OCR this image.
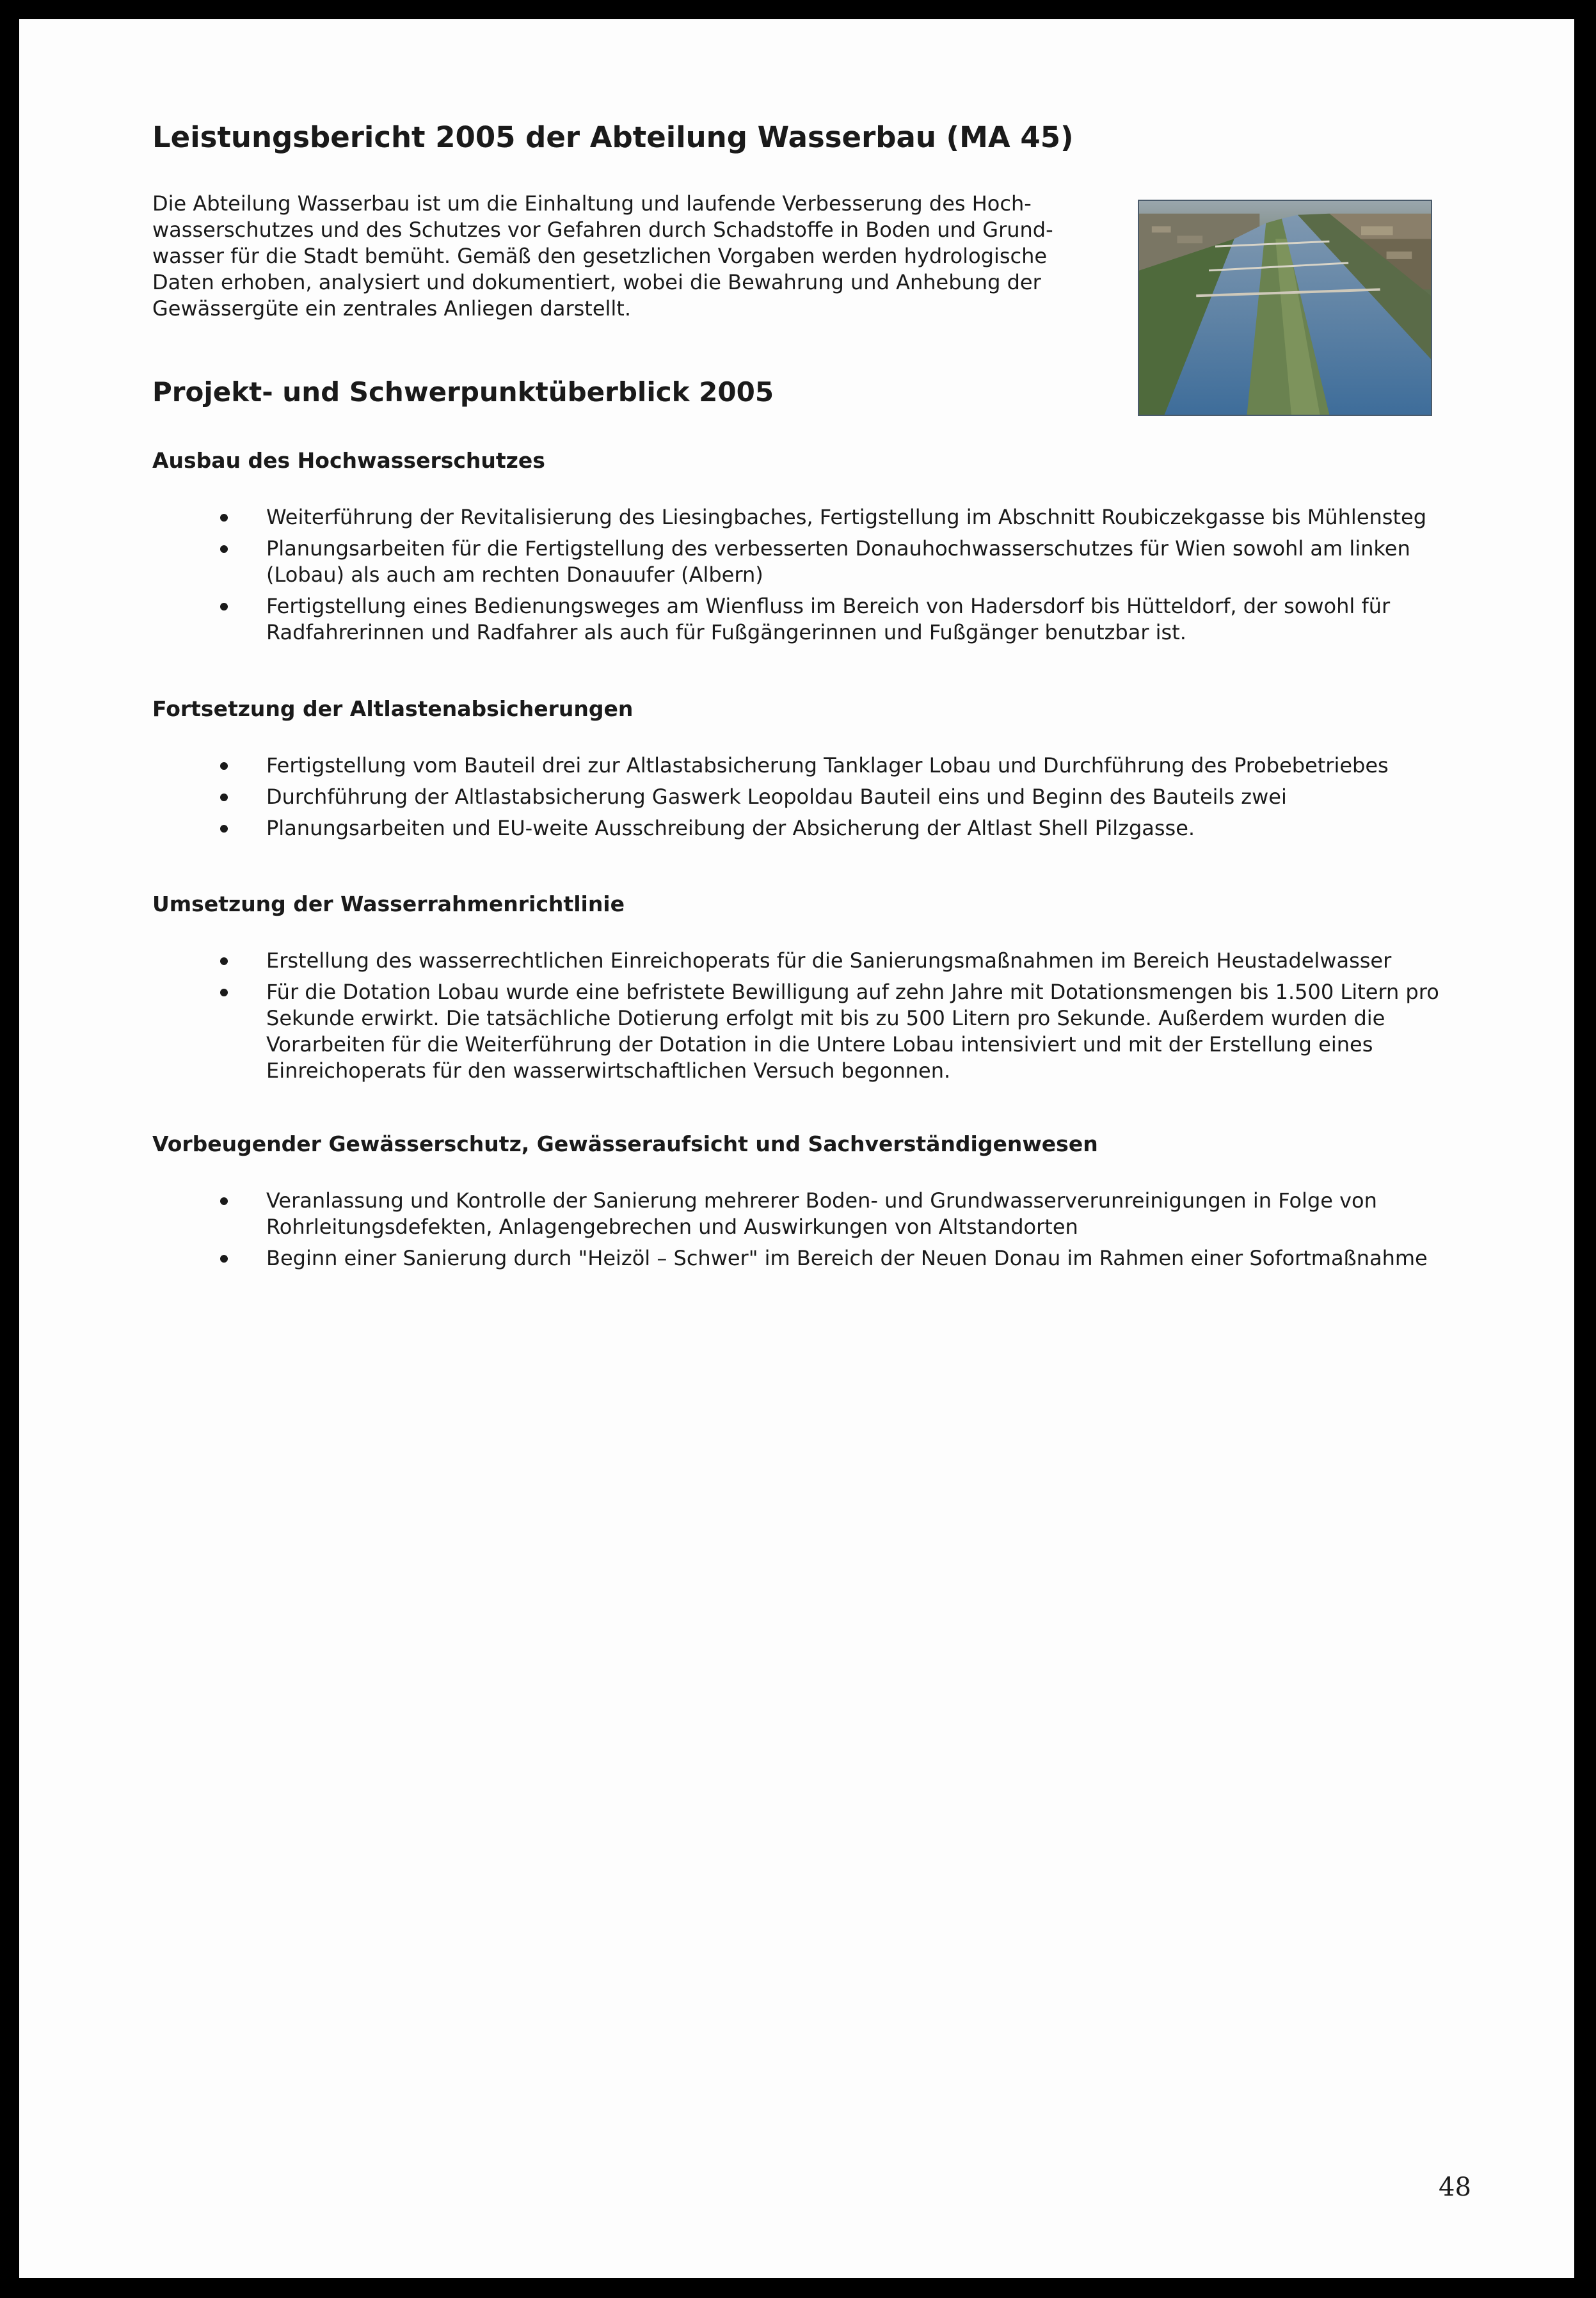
Leistungsbericht 2005 der Abteilung Wasserbau (MA 45)

Die Abteilung Wasserbau ist um die Einhaltung und laufende Verbesserung des Hoch-wasserschutzes und des Schutzes vor Gefahren durch Schadstoffe in Boden und Grund-wasser für die Stadt bemüht. Gemäß den gesetzlichen Vorgaben werden hydrologische Daten erhoben, analysiert und dokumentiert, wobei die Bewahrung und Anhebung der Gewässergüte ein zentrales Anliegen darstellt.

Projekt- und Schwerpunktüberblick 2005
Ausbau des Hochwasserschutzes
Weiterführung der Revitalisierung des Liesingbaches, Fertigstellung im Abschnitt Roubiczekgasse bis Mühlensteg
Planungsarbeiten für die Fertigstellung des verbesserten Donauhochwasserschutzes für Wien sowohl am linken (Lobau) als auch am rechten Donauufer (Albern)
Fertigstellung eines Bedienungsweges am Wienfluss im Bereich von Hadersdorf bis Hütteldorf, der sowohl für Radfahrerinnen und Radfahrer als auch für Fußgängerinnen und Fußgänger benutzbar ist.
Fortsetzung der Altlastenabsicherungen
Fertigstellung vom Bauteil drei zur Altlastabsicherung Tanklager Lobau und Durchführung des Probebetriebes
Durchführung der Altlastabsicherung Gaswerk Leopoldau Bauteil eins und Beginn des Bauteils zwei
Planungsarbeiten und EU-weite Ausschreibung der Absicherung der Altlast Shell Pilzgasse.
Umsetzung der Wasserrahmenrichtlinie
Erstellung des wasserrechtlichen Einreichoperats für die Sanierungsmaßnahmen im Bereich Heustadelwasser
Für die Dotation Lobau wurde eine befristete Bewilligung auf zehn Jahre mit Dotationsmengen bis 1.500 Litern pro Sekunde erwirkt. Die tatsächliche Dotierung erfolgt mit bis zu 500 Litern pro Sekunde. Außerdem wurden die Vorarbeiten für die Weiterführung der Dotation in die Untere Lobau intensiviert und mit der Erstellung eines Einreichoperats für den wasserwirtschaftlichen Versuch begonnen.
Vorbeugender Gewässerschutz, Gewässeraufsicht und Sachverständigenwesen
Veranlassung und Kontrolle der Sanierung mehrerer Boden- und Grundwasserverunreinigungen in Folge von Rohrleitungsdefekten, Anlagengebrechen und Auswirkungen von Altstandorten
Beginn einer Sanierung durch "Heizöl – Schwer" im Bereich der Neuen Donau im Rahmen einer Sofortmaßnahme
48
